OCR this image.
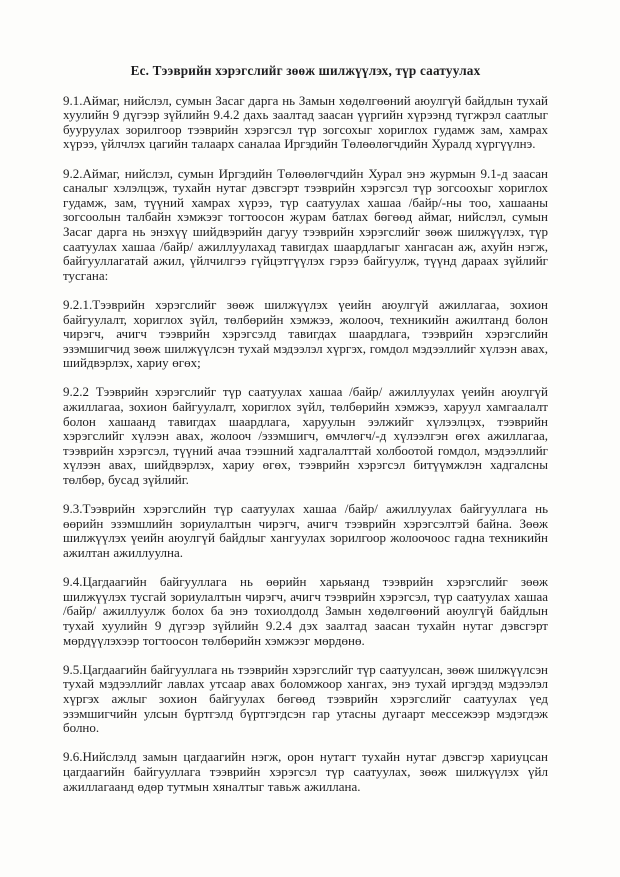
Ес. Тээврийн хэрэгслийг зөөж шилжүүлэх, түр саатуулах

9.1.Аймаг, нийслэл, сумын Засаг дарга нь Замын хөдөлгөөний аюулгүй байдлын тухай хуулийн 9 дүгээр зүйлийн 9.4.2 дахь заалтад заасан үүргийн хүрээнд түгжрэл саатлыг бууруулах зорилгоор тээврийн хэрэгсэл түр зогсохыг хориглох гудамж зам, хамрах хүрээ, үйлчлэх цагийн талаарх саналаа Иргэдийн Төлөөлөгчдийн Хуралд хүргүүлнэ.

9.2.Аймаг, нийслэл, сумын Иргэдийн Төлөөлөгчдийн Хурал энэ журмын 9.1-д заасан саналыг хэлэлцэж, тухайн нутаг дэвсгэрт тээврийн хэрэгсэл түр зогсоохыг хориглох гудамж, зам, түүний хамрах хүрээ, түр саатуулах хашаа /байр/-ны тоо, хашааны зогсоолын талбайн хэмжээг тогтоосон журам батлах бөгөөд аймаг, нийслэл, сумын Засаг дарга нь энэхүү шийдвэрийн дагуу тээврийн хэрэгслийг зөөж шилжүүлэх, түр саатуулах хашаа /байр/ ажиллуулахад тавигдах шаардлагыг хангасан аж, ахуйн нэгж, байгууллагатай ажил, үйлчилгээ гүйцэтгүүлэх гэрээ байгуулж, түүнд дараах зүйлийг тусгана:

9.2.1.Тээврийн хэрэгслийг зөөж шилжүүлэх үеийн аюулгүй ажиллагаа, зохион байгуулалт, хориглох зүйл, төлбөрийн хэмжээ, жолооч, техникийн ажилтанд болон чирэгч, ачигч тээврийн хэрэгсэлд тавигдах шаардлага, тээврийн хэрэгслийн эзэмшигчид зөөж шилжүүлсэн тухай мэдээлэл хүргэх, гомдол мэдээллийг хүлээн авах, шийдвэрлэх, хариу өгөх;

9.2.2 Тээврийн хэрэгслийг түр саатуулах хашаа /байр/ ажиллуулах үеийн аюулгүй ажиллагаа, зохион байгуулалт, хориглох зүйл, төлбөрийн хэмжээ, харуул хамгаалалт болон хашаанд тавигдах шаардлага, харуулын ээлжийг хүлээлцэх, тээврийн хэрэгслийг хүлээн авах, жолооч /эзэмшигч, өмчлөгч/-д хүлээлгэн өгөх ажиллагаа, тээврийн хэрэгсэл, түүний ачаа тээшний хадгалалттай холбоотой гомдол, мэдээллийг хүлээн авах, шийдвэрлэх, хариу өгөх, тээврийн хэрэгсэл битүүмжлэн хадгалсны төлбөр, бусад зүйлийг.

9.3.Тээврийн хэрэгслийн түр саатуулах хашаа /байр/ ажиллуулах байгууллага нь өөрийн эзэмшлийн зориулалтын чирэгч, ачигч тээврийн хэрэгсэлтэй байна. Зөөж шилжүүлэх үеийн аюулгүй байдлыг хангуулах зорилгоор жолоочоос гадна техникийн ажилтан ажиллуулна.

9.4.Цагдаагийн байгууллага нь өөрийн харьяанд тээврийн хэрэгслийг зөөж шилжүүлэх тусгай зориулалтын чирэгч, ачигч тээврийн хэрэгсэл, түр саатуулах хашаа /байр/ ажиллуулж болох ба энэ тохиолдолд Замын хөдөлгөөний аюулгүй байдлын тухай хуулийн 9 дүгээр зүйлийн 9.2.4 дэх заалтад заасан тухайн нутаг дэвсгэрт мөрдүүлэхээр тогтоосон төлбөрийн хэмжээг мөрдөнө.

9.5.Цагдаагийн байгууллага нь тээврийн хэрэгслийг түр саатуулсан, зөөж шилжүүлсэн тухай мэдээллийг лавлах утсаар авах боломжоор хангах, энэ тухай иргэдэд мэдээлэл хүргэх ажлыг зохион байгуулах бөгөөд тээврийн хэрэгслийг саатуулах үед эзэмшигчийн улсын бүртгэлд бүртгэгдсэн гар утасны дугаарт мессежээр мэдэгдэж болно.

9.6.Нийслэлд замын цагдаагийн нэгж, орон нутагт тухайн нутаг дэвсгэр хариуцсан цагдаагийн байгууллага тээврийн хэрэгсэл түр саатуулах, зөөж шилжүүлэх үйл ажиллагаанд өдөр тутмын хяналтыг тавьж ажиллана.
